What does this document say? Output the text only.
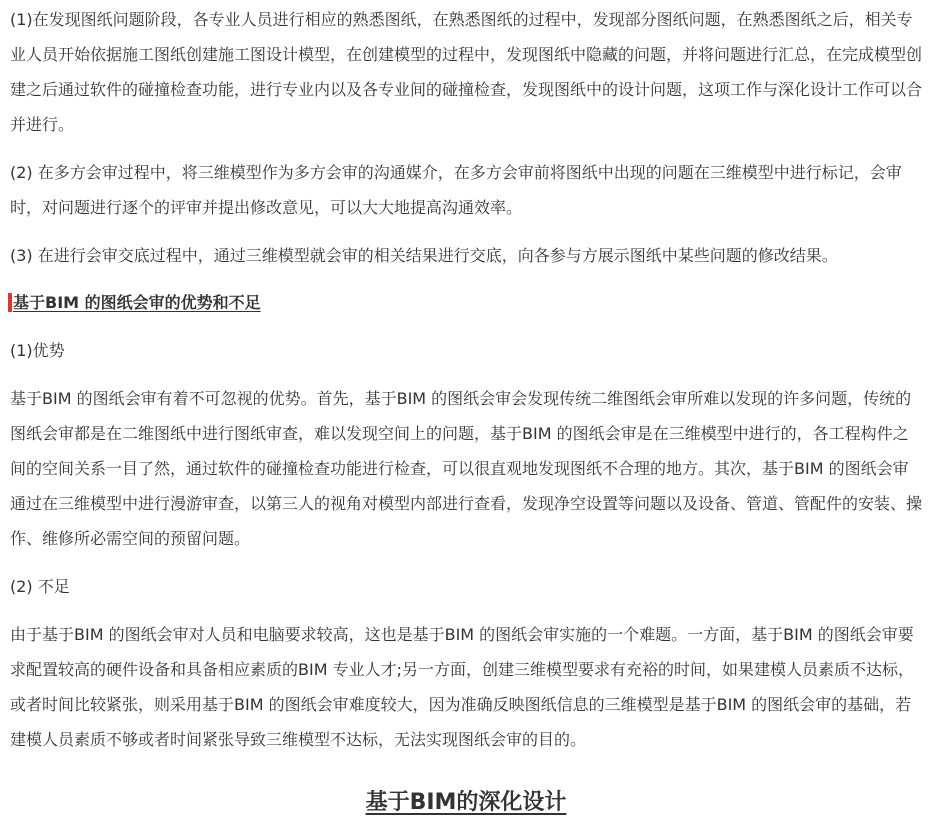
(1)在发现图纸问题阶段，各专业人员进行相应的熟悉图纸，在熟悉图纸的过程中，发现部分图纸问题，在熟悉图纸之后，相关专业人员开始依据施工图纸创建施工图设计模型，在创建模型的过程中，发现图纸中隐藏的问题，并将问题进行汇总，在完成模型创建之后通过软件的碰撞检查功能，进行专业内以及各专业间的碰撞检查，发现图纸中的设计问题，这项工作与深化设计工作可以合并进行。

(2) 在多方会审过程中，将三维模型作为多方会审的沟通媒介，在多方会审前将图纸中出现的问题在三维模型中进行标记，会审时，对问题进行逐个的评审并提出修改意见，可以大大地提高沟通效率。

(3) 在进行会审交底过程中，通过三维模型就会审的相关结果进行交底，向各参与方展示图纸中某些问题的修改结果。

基于BIM 的图纸会审的优势和不足

(1)优势

基于BIM 的图纸会审有着不可忽视的优势。首先，基于BIM 的图纸会审会发现传统二维图纸会审所难以发现的许多问题，传统的图纸会审都是在二维图纸中进行图纸审查，难以发现空间上的问题，基于BIM 的图纸会审是在三维模型中进行的，各工程构件之间的空间关系一目了然，通过软件的碰撞检查功能进行检查，可以很直观地发现图纸不合理的地方。其次，基于BIM 的图纸会审通过在三维模型中进行漫游审查，以第三人的视角对模型内部进行查看，发现净空设置等问题以及设备、管道、管配件的安装、操作、维修所必需空间的预留问题。

(2) 不足

由于基于BIM 的图纸会审对人员和电脑要求较高，这也是基于BIM 的图纸会审实施的一个难题。一方面，基于BIM 的图纸会审要求配置较高的硬件设备和具备相应素质的BIM 专业人才;另一方面，创建三维模型要求有充裕的时间，如果建模人员素质不达标，或者时间比较紧张，则采用基于BIM 的图纸会审难度较大，因为准确反映图纸信息的三维模型是基于BIM 的图纸会审的基础，若建模人员素质不够或者时间紧张导致三维模型不达标，无法实现图纸会审的目的。

基于BIM的深化设计
